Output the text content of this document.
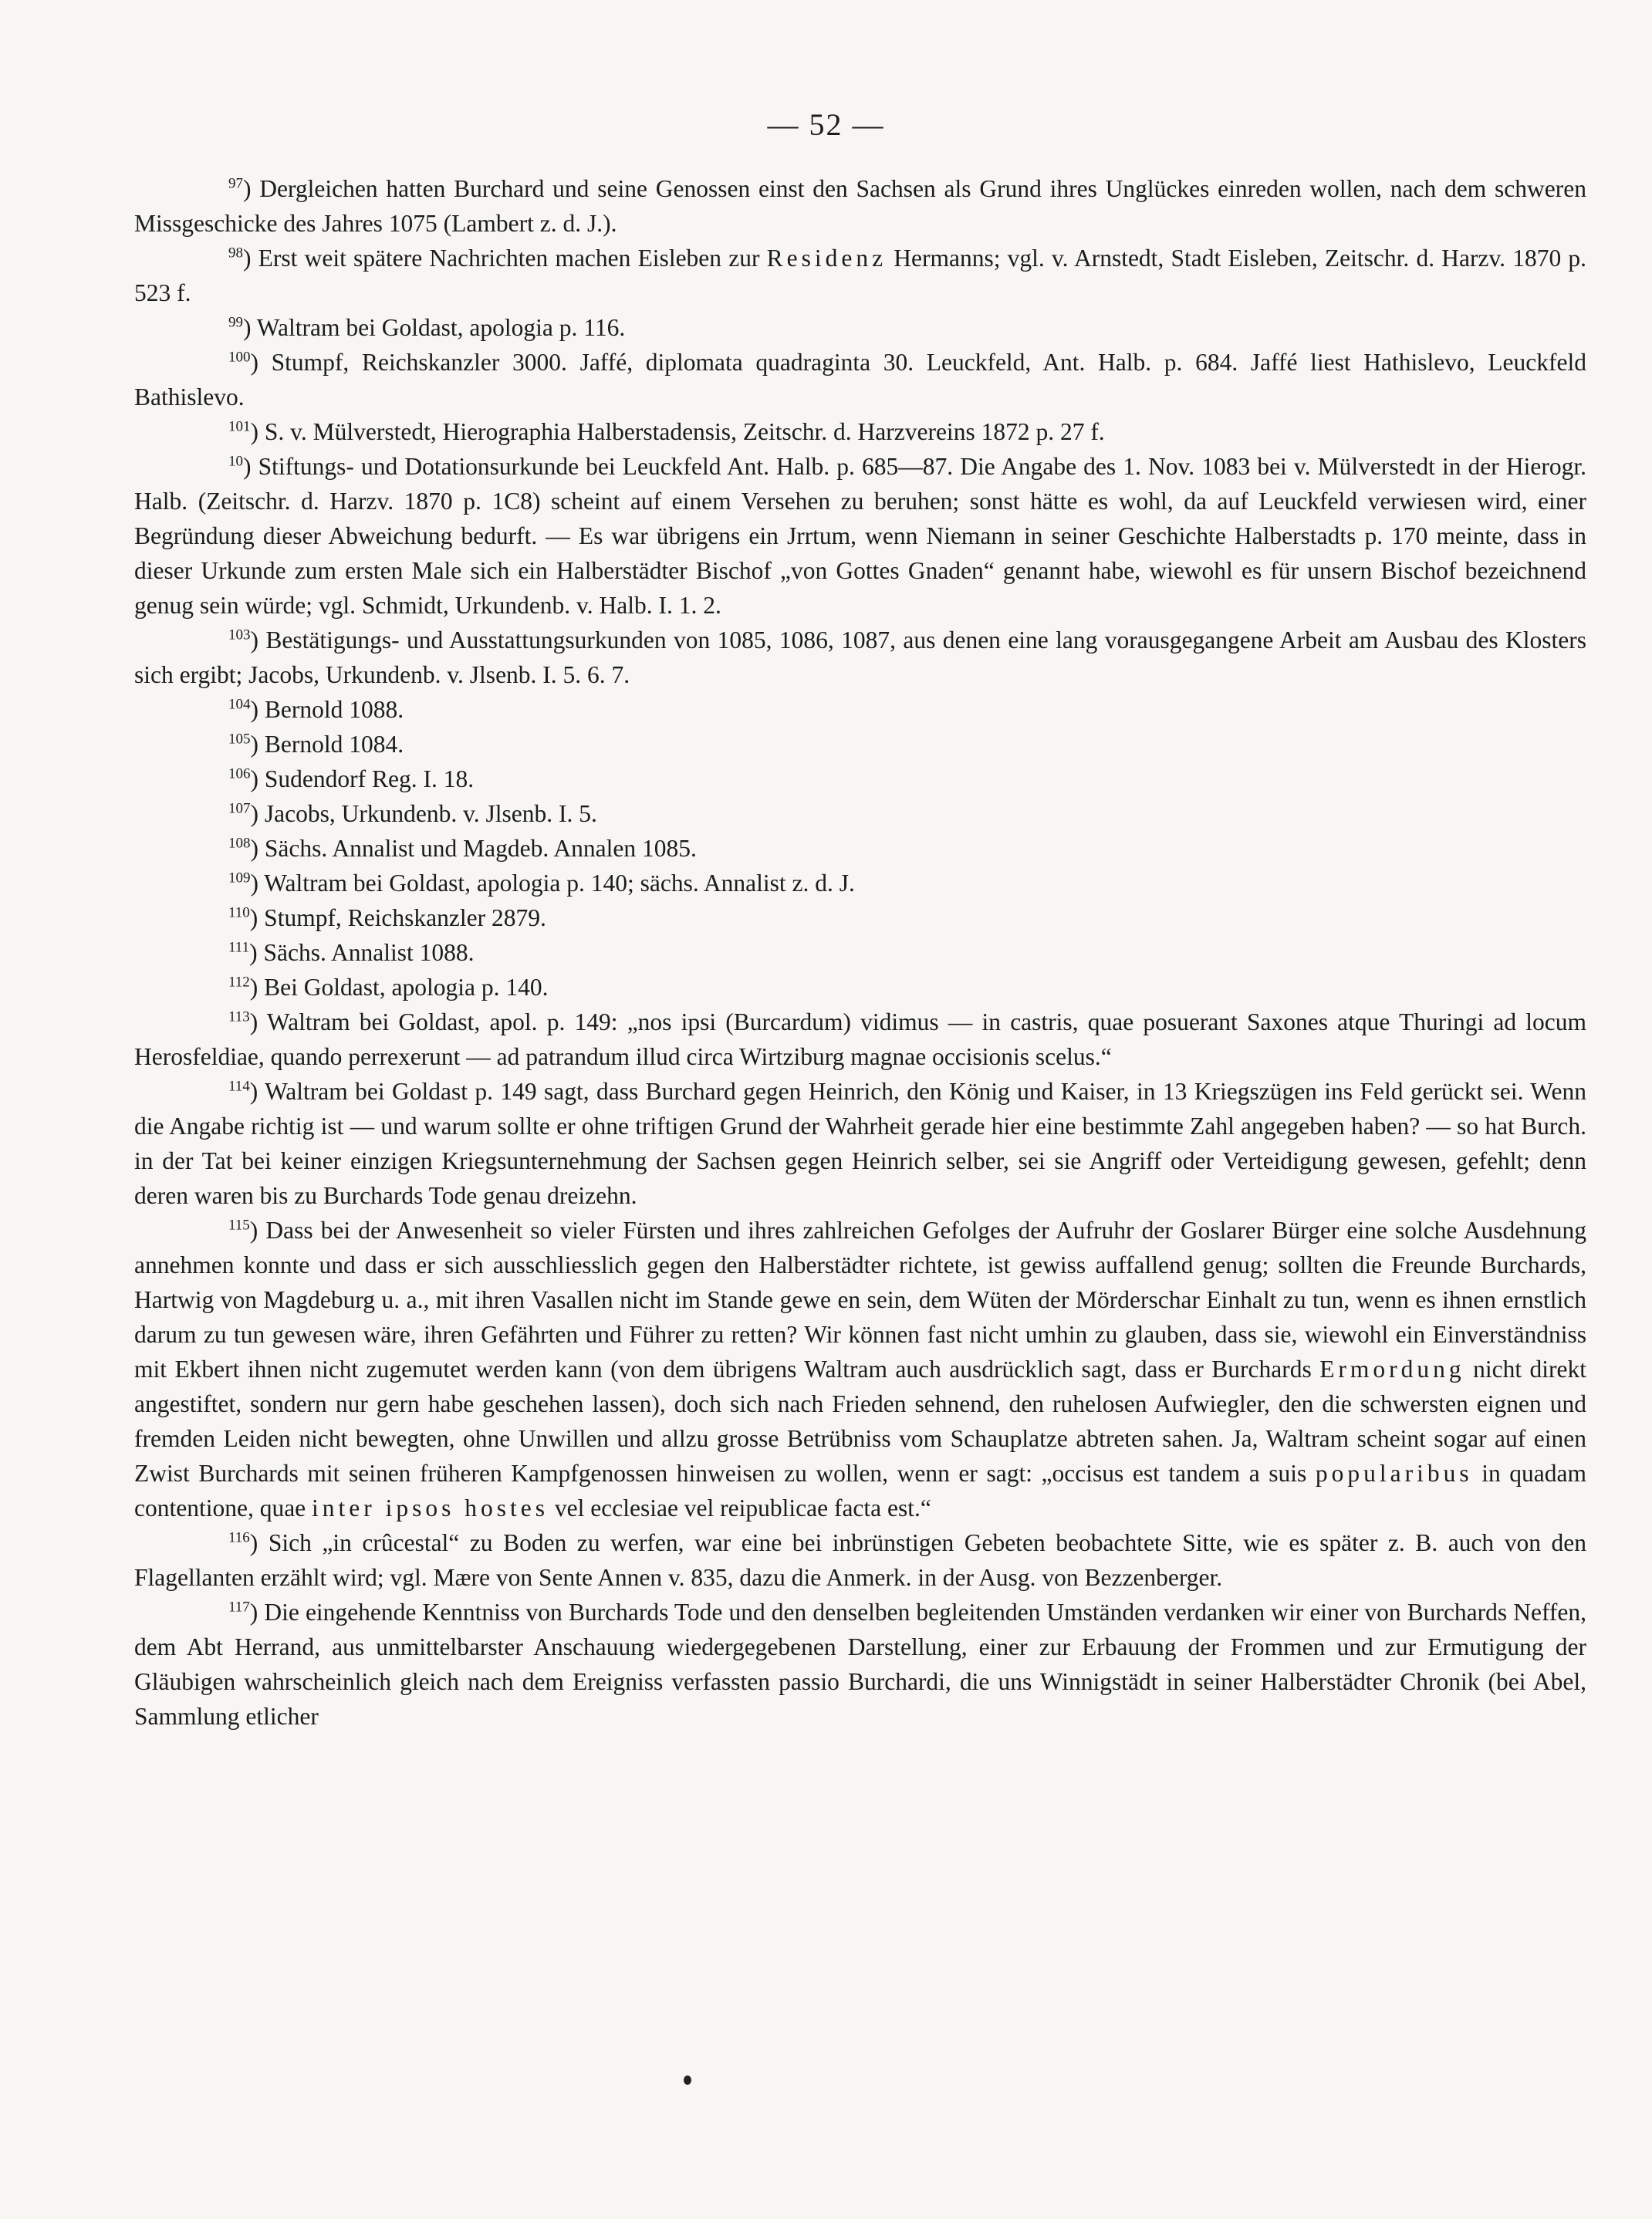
— 52 —

$^{97}$) Dergleichen hatten Burchard und seine Genossen einst den Sachsen als Grund ihres Unglückes einreden wollen, nach dem schweren Missgeschicke des Jahres 1075 (Lambert z. d. J.).

$^{98}$) Erst weit spätere Nachrichten machen Eisleben zur Residenz Hermanns; vgl. v. Arnstedt, Stadt Eisleben, Zeitschr. d. Harzv. 1870 p. 523 f.

$^{99}$) Waltram bei Goldast, apologia p. 116.

$^{100}$) Stumpf, Reichskanzler 3000. Jaffé, diplomata quadraginta 30. Leuckfeld, Ant. Halb. p. 684. Jaffé liest Hathislevo, Leuckfeld Bathislevo.

$^{101}$) S. v. Mülverstedt, Hierographia Halberstadensis, Zeitschr. d. Harzvereins 1872 p. 27 f.

$^{10}$) Stiftungs- und Dotationsurkunde bei Leuckfeld Ant. Halb. p. 685—87. Die Angabe des 1. Nov. 1083 bei v. Mülverstedt in der Hierogr. Halb. (Zeitschr. d. Harzv. 1870 p. 1C8) scheint auf einem Versehen zu beruhen; sonst hätte es wohl, da auf Leuckfeld verwiesen wird, einer Begründung dieser Abweichung bedurft. — Es war übrigens ein Jrrtum, wenn Niemann in seiner Geschichte Halberstadts p. 170 meinte, dass in dieser Urkunde zum ersten Male sich ein Halberstädter Bischof „von Gottes Gnaden“ genannt habe, wiewohl es für unsern Bischof bezeichnend genug sein würde; vgl. Schmidt, Urkundenb. v. Halb. I. 1. 2.

$^{103}$) Bestätigungs- und Ausstattungsurkunden von 1085, 1086, 1087, aus denen eine lang vorausgegangene Arbeit am Ausbau des Klosters sich ergibt; Jacobs, Urkundenb. v. Jlsenb. I. 5. 6. 7.

$^{104}$) Bernold 1088.

$^{105}$) Bernold 1084.

$^{106}$) Sudendorf Reg. I. 18.

$^{107}$) Jacobs, Urkundenb. v. Jlsenb. I. 5.

$^{108}$) Sächs. Annalist und Magdeb. Annalen 1085.

$^{109}$) Waltram bei Goldast, apologia p. 140; sächs. Annalist z. d. J.

$^{110}$) Stumpf, Reichskanzler 2879.

$^{111}$) Sächs. Annalist 1088.

$^{112}$) Bei Goldast, apologia p. 140.

$^{113}$) Waltram bei Goldast, apol. p. 149: „nos ipsi (Burcardum) vidimus — in castris, quae posuerant Saxones atque Thuringi ad locum Herosfeldiae, quando perrexerunt — ad patrandum illud circa Wirtziburg magnae occisionis scelus.“

$^{114}$) Waltram bei Goldast p. 149 sagt, dass Burchard gegen Heinrich, den König und Kaiser, in 13 Kriegszügen ins Feld gerückt sei. Wenn die Angabe richtig ist — und warum sollte er ohne triftigen Grund der Wahrheit gerade hier eine bestimmte Zahl angegeben haben? — so hat Burch. in der Tat bei keiner einzigen Kriegsunternehmung der Sachsen gegen Heinrich selber, sei sie Angriff oder Verteidigung gewesen, gefehlt; denn deren waren bis zu Burchards Tode genau dreizehn.

$^{115}$) Dass bei der Anwesenheit so vieler Fürsten und ihres zahlreichen Gefolges der Aufruhr der Goslarer Bürger eine solche Ausdehnung annehmen konnte und dass er sich ausschliesslich gegen den Halberstädter richtete, ist gewiss auffallend genug; sollten die Freunde Burchards, Hartwig von Magdeburg u. a., mit ihren Vasallen nicht im Stande gewe en sein, dem Wüten der Mörderschar Einhalt zu tun, wenn es ihnen ernstlich darum zu tun gewesen wäre, ihren Gefährten und Führer zu retten? Wir können fast nicht umhin zu glauben, dass sie, wiewohl ein Einverständniss mit Ekbert ihnen nicht zugemutet werden kann (von dem übrigens Waltram auch ausdrücklich sagt, dass er Burchards Ermordung nicht direkt angestiftet, sondern nur gern habe geschehen lassen), doch sich nach Frieden sehnend, den ruhelosen Aufwiegler, den die schwersten eignen und fremden Leiden nicht bewegten, ohne Unwillen und allzu grosse Betrübniss vom Schauplatze abtreten sahen. Ja, Waltram scheint sogar auf einen Zwist Burchards mit seinen früheren Kampfgenossen hinweisen zu wollen, wenn er sagt: „occisus est tandem a suis popularibus in quadam contentione, quae inter ipsos hostes vel ecclesiae vel reipublicae facta est.“

$^{116}$) Sich „in crûcestal“ zu Boden zu werfen, war eine bei inbrünstigen Gebeten beobachtete Sitte, wie es später z. B. auch von den Flagellanten erzählt wird; vgl. Mære von Sente Annen v. 835, dazu die Anmerk. in der Ausg. von Bezzenberger.

$^{117}$) Die eingehende Kenntniss von Burchards Tode und den denselben begleitenden Umständen verdanken wir einer von Burchards Neffen, dem Abt Herrand, aus unmittelbarster Anschauung wiedergegebenen Darstellung, einer zur Erbauung der Frommen und zur Ermutigung der Gläubigen wahrscheinlich gleich nach dem Ereigniss verfassten passio Burchardi, die uns Winnigstädt in seiner Halberstädter Chronik (bei Abel, Sammlung etlicher
